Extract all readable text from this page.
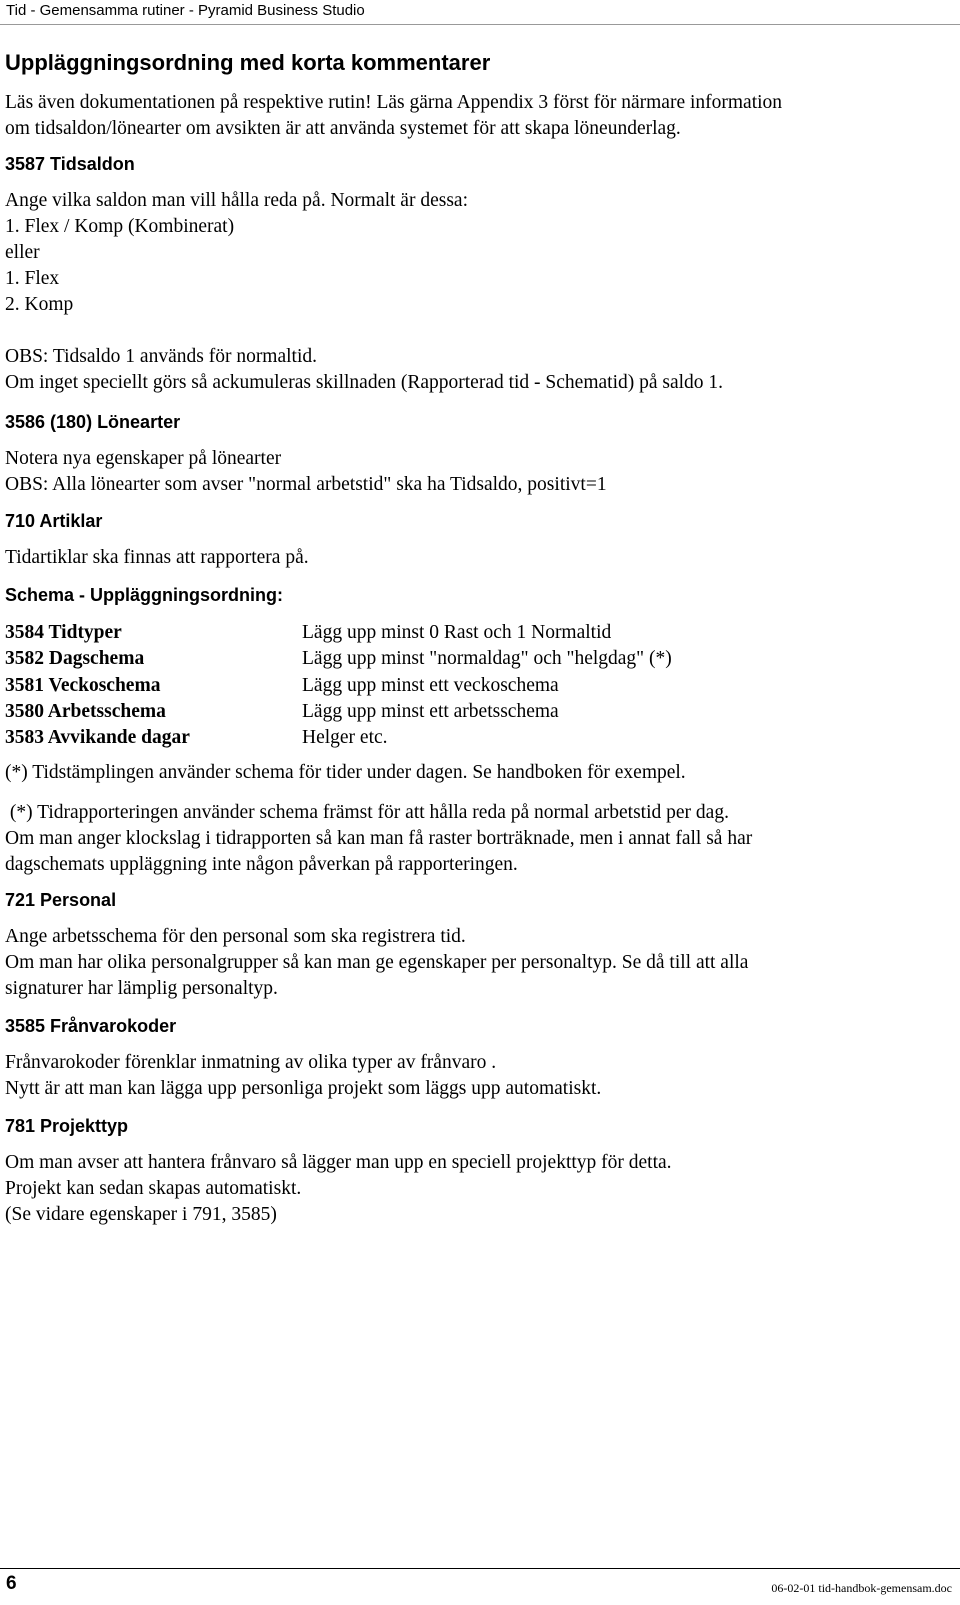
Tid - Gemensamma rutiner - Pyramid Business Studio
Uppläggningsordning med korta kommentarer
Läs även dokumentationen på respektive rutin! Läs gärna Appendix 3 först för närmare information
om tidsaldon/lönearter om avsikten är att använda systemet för att skapa löneunderlag.
3587 Tidsaldon
Ange vilka saldon man vill hålla reda på. Normalt är dessa:
1. Flex / Komp (Kombinerat)
eller
1. Flex
2. Komp
OBS: Tidsaldo 1 används för normaltid.
Om inget speciellt görs så ackumuleras skillnaden (Rapporterad tid - Schematid) på saldo 1.
3586 (180) Lönearter
Notera nya egenskaper på lönearter
OBS: Alla lönearter som avser "normal arbetstid" ska ha Tidsaldo, positivt=1
710 Artiklar
Tidartiklar ska finnas att rapportera på.
Schema - Uppläggningsordning:
3584 Tidtyper	Lägg upp minst 0 Rast och 1 Normaltid
3582 Dagschema	Lägg upp minst "normaldag" och "helgdag" (*)
3581 Veckoschema	Lägg upp minst ett veckoschema
3580 Arbetsschema	Lägg upp minst ett arbetsschema
3583 Avvikande dagar	Helger etc.
(*) Tidstämplingen använder schema för tider under dagen. Se handboken för exempel.
(*) Tidrapporteringen använder schema främst för att hålla reda på normal arbetstid per dag.
Om man anger klockslag i tidrapporten så kan man få raster borträknade, men i annat fall så har
dagschemats uppläggning inte någon påverkan på rapporteringen.
721 Personal
Ange arbetsschema för den personal som ska registrera tid.
Om man har olika personalgrupper så kan man ge egenskaper per personaltyp. Se då till att alla
signaturer har lämplig personaltyp.
3585 Frånvarokoder
Frånvarokoder förenklar inmatning av olika typer av frånvaro .
Nytt är att man kan lägga upp personliga projekt som läggs upp automatiskt.
781 Projekttyp
Om man avser att hantera frånvaro så lägger man upp en speciell projekttyp för detta.
Projekt kan sedan skapas automatiskt.
(Se vidare egenskaper i 791, 3585)
6	06-02-01 tid-handbok-gemensam.doc
